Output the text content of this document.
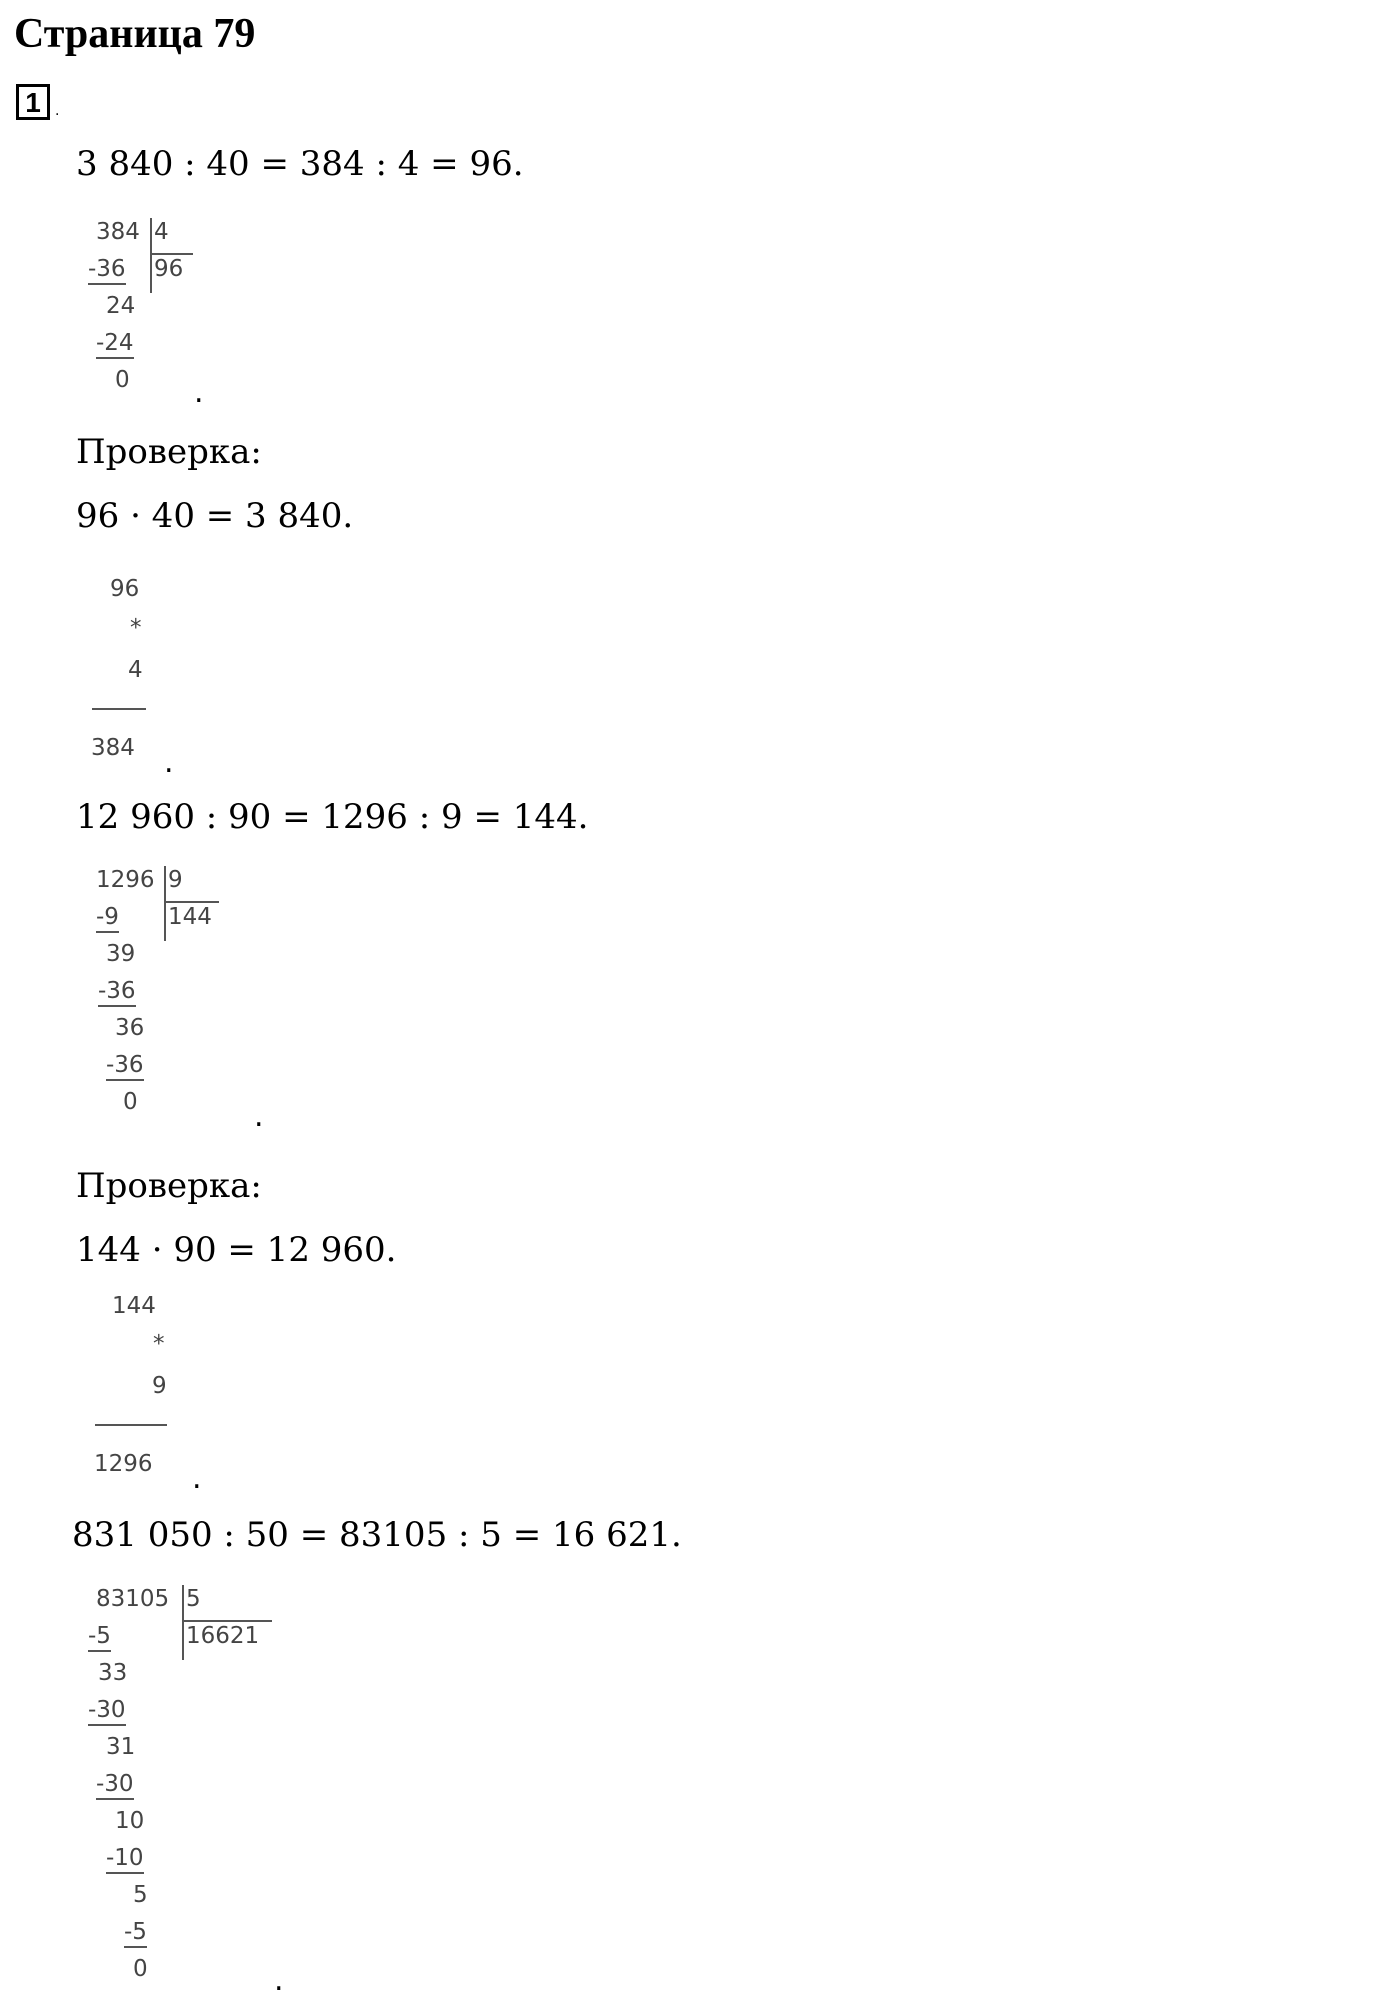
Страница 79
1	.
3 840 : 40 = 384 : 4 = 96.
384 4
96
-36
24
-24
0 .
Проверка:
96 · 40 = 3 840.
96
*
4
384 .
12 960 : 90 = 1296 : 9 = 144.
1296 9
144
-9
39
-36
36
-36
0	.
Проверка:
144 · 90 = 12 960.
144
*
9
1296 .
831 050 : 50 = 83105 : 5 = 16 621.
83105 5
16621
-5
33
-30
31
-30
10
-10
5
-5
0	.
